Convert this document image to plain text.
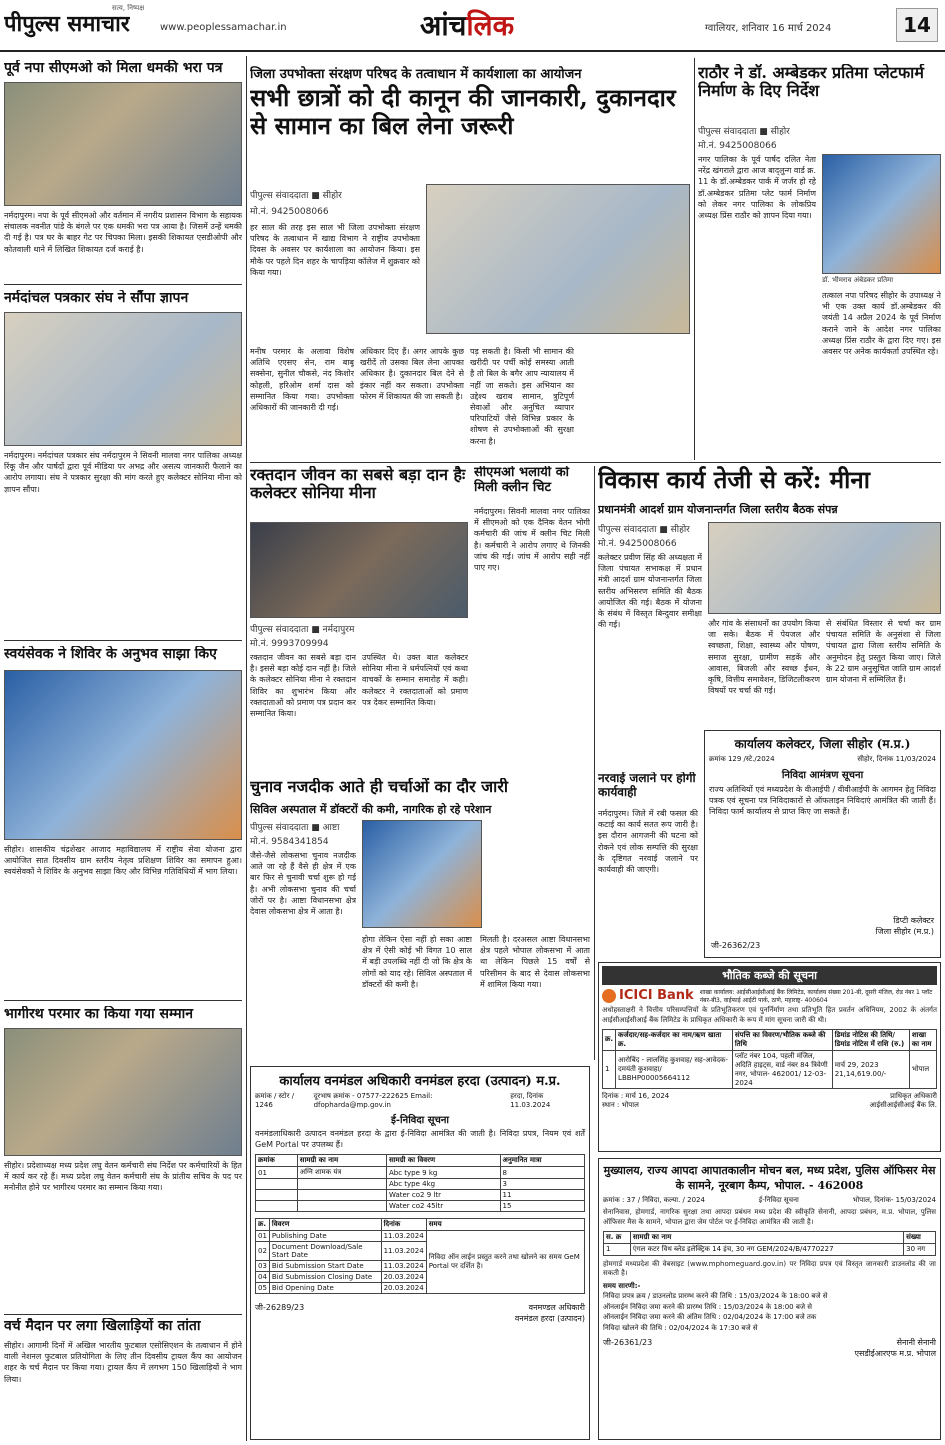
पीपुल्स समाचार
सत्य, निष्पक्ष
www.peoplessamachar.in	आंचलिक	ग्वालियर, शनिवार 16 मार्च 2024	14
पूर्व नपा सीएमओ को मिला धमकी भरा पत्र
नर्मदापुरम। नपा के पूर्व सीएमओ और वर्तमान में नगरीय प्रशासन विभाग के सहायक संचालक नवनीत पांडे के बंगले पर एक धमकी भरा पत्र आया है। जिसमें उन्हें धमकी दी गई है। पत्र घर के बाहर गेट पर चिपका मिला। इसकी शिकायत एसडीओपी और कोतवाली थाने में लिखित शिकायत दर्ज कराई है।
नर्मदांचल पत्रकार संघ ने सौंपा ज्ञापन
नर्मदापुरम। नर्मदांचल पत्रकार संघ नर्मदापुरम ने सिवनी मालवा नगर पालिका अध्यक्ष रिंकू जैन और पार्षदों द्वारा पूर्व मीडिया पर अभद्र और असत्य जानकारी फैलाने का आरोप लगाया। संघ ने पत्रकार सुरक्षा की मांग करते हुए कलेक्टर सोनिया मीना को ज्ञापन सौंपा।
स्वयंसेवक ने शिविर के अनुभव साझा किए
सीहोर। शासकीय चंद्रशेखर आजाद महाविद्यालय में राष्ट्रीय सेवा योजना द्वारा आयोजित सात दिवसीय ग्राम स्तरीय नेतृत्व प्रशिक्षण शिविर का समापन हुआ। स्वयंसेवकों ने शिविर के अनुभव साझा किए और विभिन्न गतिविधियों में भाग लिया।
भागीरथ परमार का किया गया सम्मान
सीहोर। प्रदेशाध्यक्ष मध्य प्रदेश लघु वेतन कर्मचारी संघ निर्देश पर कर्मचारियों के हित में कार्य कर रहे हैं। मध्य प्रदेश लघु वेतन कर्मचारी संघ के प्रांतीय सचिव के पद पर मनोनीत होने पर भागीरथ परमार का सम्मान किया गया।
वर्च मैदान पर लगा खिलाड़ियों का तांता
सीहोर। आगामी दिनों में अखिल भारतीय फुटबाल एसोसिएशन के तत्वाधान में होने वाली नेशनल फुटबाल प्रतियोगिता के लिए तीन दिवसीय ट्रायल कैंप का आयोजन शहर के चर्च मैदान पर किया गया। ट्रायल कैंप में लगभग 150 खिलाड़ियों ने भाग लिया।
जिला उपभोक्ता संरक्षण परिषद के तत्वाधान में कार्यशाला का आयोजन
सभी छात्रों को दी कानून की जानकारी, दुकानदार से सामान का बिल लेना जरूरी
पीपुल्स संवाददाता ■ सीहोर
मो.नं. 9425008066
हर साल की तरह इस साल भी जिला उपभोक्ता संरक्षण परिषद के तत्वाधान में खाद्य विभाग ने राष्ट्रीय उपभोक्ता दिवस के अवसर पर कार्यशाला का आयोजन किया। इस मौके पर पहले दिन शहर के चापड़िया कॉलेज में शुक्रवार को किया गया।
मनीष परमार के अलावा विशेष अतिथि एएसए सेन, राम बाबू सक्सेना, सुनील चौकसे, नंद किशोर कोहली, हरिओम शर्मा दास को सम्मानित किया गया। उपभोक्ता अधिकारों की जानकारी दी गई।
अधिकार दिए हैं। अगर आपके कुछ खरीदें तो उसका बिल लेना आपका अधिकार है। दुकानदार बिल देने से इंकार नहीं कर सकता। उपभोक्ता फोरम में शिकायत की जा सकती है।
पड़ सकती है। किसी भी सामान की खरीदी पर पर्ची कोई समस्या आती है तो बिल के बगैर आप न्यायालय में नहीं जा सकते। इस अभियान का उद्देश्य खराब सामान, त्रुटिपूर्ण सेवाओं और अनुचित व्यापार परिपाटियों जैसे विभिन्न प्रकार के शोषण से उपभोक्ताओं की सुरक्षा करना है।
रक्तदान जीवन का सबसे बड़ा दान हैः कलेक्टर सोनिया मीना
पीपुल्स संवाददाता ■ नर्मदापुरम
मो.नं. 9993709994
रक्तदान जीवन का सबसे बड़ा दान है। इससे बड़ा कोई दान नहीं है। जिले के कलेक्टर सोनिया मीना ने रक्तदान शिविर का शुभारंभ किया और रक्तदाताओं को प्रमाण पत्र प्रदान कर सम्मानित किया।
उपस्थित थे। उक्त बात कलेक्टर सोनिया मीना ने धर्मपत्नियों एवं कथा वाचकों के सम्मान समारोह में कही। कलेक्टर ने रक्तदाताओं को प्रमाण पत्र देकर सम्मानित किया।
सीएमओ भलायी को मिली क्लीन चिट
नर्मदापुरम। सिवनी मालवा नगर पालिका में सीएमओ को एक दैनिक वेतन भोगी कर्मचारी की जांच में क्लीन चिट मिली है। कर्मचारी ने आरोप लगाए थे जिनकी जांच की गई। जांच में आरोप सही नहीं पाए गए।
चुनाव नजदीक आते ही चर्चाओं का दौर जारी
सिविल अस्पताल में डॉक्टरों की कमी, नागरिक हो रहे परेशान
पीपुल्स संवाददाता ■ आष्टा
मो.नं. 9584341854
जैसे-जैसे लोकसभा चुनाव नजदीक आते जा रहे हैं वैसे ही क्षेत्र में एक बार फिर से चुनावी चर्चा शुरू हो गई है। अभी लोकसभा चुनाव की चर्चा जोरों पर है। आष्टा विधानसभा क्षेत्र देवास लोकसभा क्षेत्र में आता है।
होगा लेकिन ऐसा नहीं हो सका आष्टा क्षेत्र में ऐसी कोई भी विगत 10 साल में बड़ी उपलब्धि नहीं दी जो कि क्षेत्र के लोगों को याद रहे। सिविल अस्पताल में डॉक्टरों की कमी है।
मिलती है। दरअसल आष्टा विधानसभा क्षेत्र पहले भोपाल लोकसभा में आता था लेकिन पिछले 15 वर्षों से परिसीमन के बाद से देवास लोकसभा में शामिल किया गया।
कार्यालय वनमंडल अधिकारी वनमंडल हरदा (उत्पादन) म.प्र.
क्रमांक / स्टोर / 1246
दूरभाष क्रमांक - 07577-222625 Email: dfopharda@mp.gov.in
हरदा, दिनांक 11.03.2024
ई-निविदा सूचना
वनमंडलाधिकारी उत्पादन वनमंडल हरदा के द्वारा ई-निविदा आमंत्रित की जाती है। निविदा प्रपत्र, नियम एवं शर्तें GeM Portal पर उपलब्ध हैं।
क्रमांक	सामग्री का नाम	सामग्री का विवरण	अनुमानित मात्रा
01	अग्नि शामक यंत्र	Abc type 9 kg	8
		Abc type 4kg	3
		Water co2 9 ltr	11
		Water co2 45ltr	15
क्र.	विवरण	दिनांक	समय
01	Publishing Date	11.03.2024	निविदा ऑन लाईन प्रस्तुत करने तथा खोलने का समय GeM Portal पर दर्शित है।
02	Document Download/Sale Start Date	11.03.2024	
03	Bid Submission Start Date	11.03.2024	
04	Bid Submission Closing Date	20.03.2024	
05	Bid Opening Date	20.03.2024	
जी-26289/23	वनमण्डल अधिकारी
वनमंडल हरदा (उत्पादन)
राठौर ने डॉ. अम्बेडकर प्रतिमा प्लेटफार्म निर्माण के दिए निर्देश
पीपुल्स संवाददाता ■ सीहोर
मो.नं. 9425008066
नगर पालिका के पूर्व पार्षद दलित नेता नरेंद्र खंगराले द्वारा आज बाद्लुन्ग वार्ड क्र. 11 के डॉ.अम्बेडकर पार्क में जर्जर हो रहे डॉ.अम्बेडकर प्रतिमा प्लेट फार्म निर्माण को लेकर नगर पालिका के लोकप्रिय अध्यक्ष प्रिंस राठौर को ज्ञापन दिया गया।
डॉ. भीमराव अंबेडकर प्रतिमा
तत्काल नपा परिषद सीहोर के उपाध्यक्ष ने भी एक उक्त कार्य डॉ.अम्बेडकर की जयंती 14 अप्रैल 2024 के पूर्व निर्माण कराने जाने के आदेश नगर पालिका अध्यक्ष प्रिंस राठौर के द्वारा दिए गए। इस अवसर पर अनेक कार्यकर्ता उपस्थित रहे।
विकास कार्य तेजी से करें: मीना
प्रधानमंत्री आदर्श ग्राम योजनान्तर्गत जिला स्तरीय बैठक संपन्न
पीपुल्स संवाददाता ■ सीहोर
मो.नं. 9425008066
कलेक्टर प्रवीण सिंह की अध्यक्षता में जिला पंचायत सभाकक्ष में प्रधान मंत्री आदर्श ग्राम योजनान्तर्गत जिला स्तरीय अभिसरण समिति की बैठक आयोजित की गई। बैठक में योजना के संबंध में विस्तृत बिन्दुवार समीक्षा की गई।	और गांव के संसाधनों का उपयोग किया जा सके। बैठक में पेयजल और स्वच्छता, शिक्षा, स्वास्थ्य और पोषण, समाज सुरक्षा, ग्रामीण सड़कें और आवास, बिजली और स्वच्छ ईंधन, कृषि, वित्तीय समावेशन, डिजिटलीकरण विषयों पर चर्चा की गई।
से संबंधित विस्तार से चर्चा कर ग्राम पंचायत समिति के अनुसंशा से जिला पंचायत द्वारा जिला स्तरीय समिति के अनुमोदन हेतु प्रस्तुत किया जाए। जिले के 22 ग्राम अनुसूचित जाति ग्राम आदर्श ग्राम योजना में सम्मिलित हैं।
नरवाई जलाने पर होगी कार्यवाही
नर्मदापुरम। जिले में रबी फसल की कटाई का कार्य सतत रूप जारी है। इस दौरान आगजनी की घटना को रोकने एवं लोक सम्पत्ति की सुरक्षा के दृष्टिगत नरवाई जलाने पर कार्यवाही की जाएगी।
कार्यालय कलेक्टर, जिला सीहोर (म.प्र.)
क्रमांक 129 /स्टे./2024	सीहोर, दिनांक 11/03/2024
निविदा आमंत्रण सूचना
राज्य अतिथियों एवं मध्यप्रदेश के वीआईपी / वीवीआईपी के आगमन हेतु निविदा पत्रक एवं सूचना पत्र निविदाकारों से ऑफलाइन निविदाएं आमंत्रित की जाती हैं। निविदा फार्म कार्यालय से प्राप्त किए जा सकते हैं।
डिप्टी कलेक्टर
जिला सीहोर (म.प्र.)
जी-26362/23
भौतिक कब्जे की सूचना
ICICI Bank शाखा कार्यालय: आईसीआईसीआई बैंक लिमिटेड, कार्यालय संख्या 201-बी, दूसरी मंजिल, रोड नंबर 1 प्लॉट नंबर-बी3, वाईफाई आईटी पार्क, ठाणे, महाराष्ट्र- 400604
अधोहस्ताक्षरी ने वित्तीय परिसम्पत्तियों के प्रतिभूतिकरण एवं पुनर्निर्माण तथा प्रतिभूति हित प्रवर्तन अधिनियम, 2002 के अंतर्गत आईसीआईसीआई बैंक लिमिटेड के प्राधिकृत अधिकारी के रूप में मांग सूचना जारी की थी।
क्र.	कर्जदार/सह-कर्जदार का नाम/ऋण खाता क्र.	संपत्ति का विवरण/भौतिक कब्जे की तिथि	डिमांड नोटिस की तिथि/ डिमांड नोटिस में राशि (रु.)	शाखा का नाम
1	आरोबिंद - लालसिंह कुशवाह/ सह-आवेदक-दमयंती कुशवाहा/ LBBHP00005664112	प्लॉट नंबर 104, पहली मंजिल, अदिति हाइट्स, वार्ड नंबर 84 त्रिवेणी नगर, भोपाल- 462001/ 12-03-2024	मार्च 29, 2023 21,14,619.00/-	भोपाल
दिनांक : मार्च 16, 2024
स्थान : भोपाल
प्राधिकृत अधिकारी
आईसीआईसीआई बैंक लि.
मुख्यालय, राज्य आपदा आपातकालीन मोचन बल, मध्य प्रदेश, पुलिस ऑफिसर मेस के सामने, नूरबाग कैम्प, भोपाल. - 462008
क्रमांक : 37 / निविदा, कल्या. / 2024	ई-निविदा सूचना	भोपाल, दिनांक- 15/03/2024
सेनानिवास, होमगार्ड, नागरिक सुरक्षा तथा आपदा प्रबंधन मध्य प्रदेश की स्वीकृति सेनानी, आपदा प्रबंधन, म.प्र. भोपाल, पुलिस ऑफिसर मैस के सामने, भोपाल द्वारा जेम पोर्टल पर ई-निविदा आमंत्रित की जाती है।
स. क्र	सामग्री का नाम	संख्या
1	एंगल कटर विथ ब्लेड इलेक्ट्रिक 14 इंच, 30 नग GEM/2024/B/4770227	30 नग
होमगार्ड मध्यप्रदेश की वेबसाइट (www.mphomeguard.gov.in) पर निविदा प्रपत्र एवं विस्तृत जानकारी डाउनलोड की जा सकती है।
समय सारणी:-
निविदा प्रपत्र क्रय / डाउनलोड प्रारम्भ करने की तिथि : 15/03/2024 के 18:00 बजे से
ऑनलाईन निविदा जमा करने की प्रारम्भ तिथि : 15/03/2024 के 18:00 बजे से
ऑनलाईन निविदा जमा करने की अंतिम तिथि : 02/04/2024 के 17:00 बजे तक
निविदा खोलने की तिथि : 02/04/2024 के 17:30 बजे से
जी-26361/23	सेनानी सेनानी
एसडीईआरएफ म.प्र. भोपाल
